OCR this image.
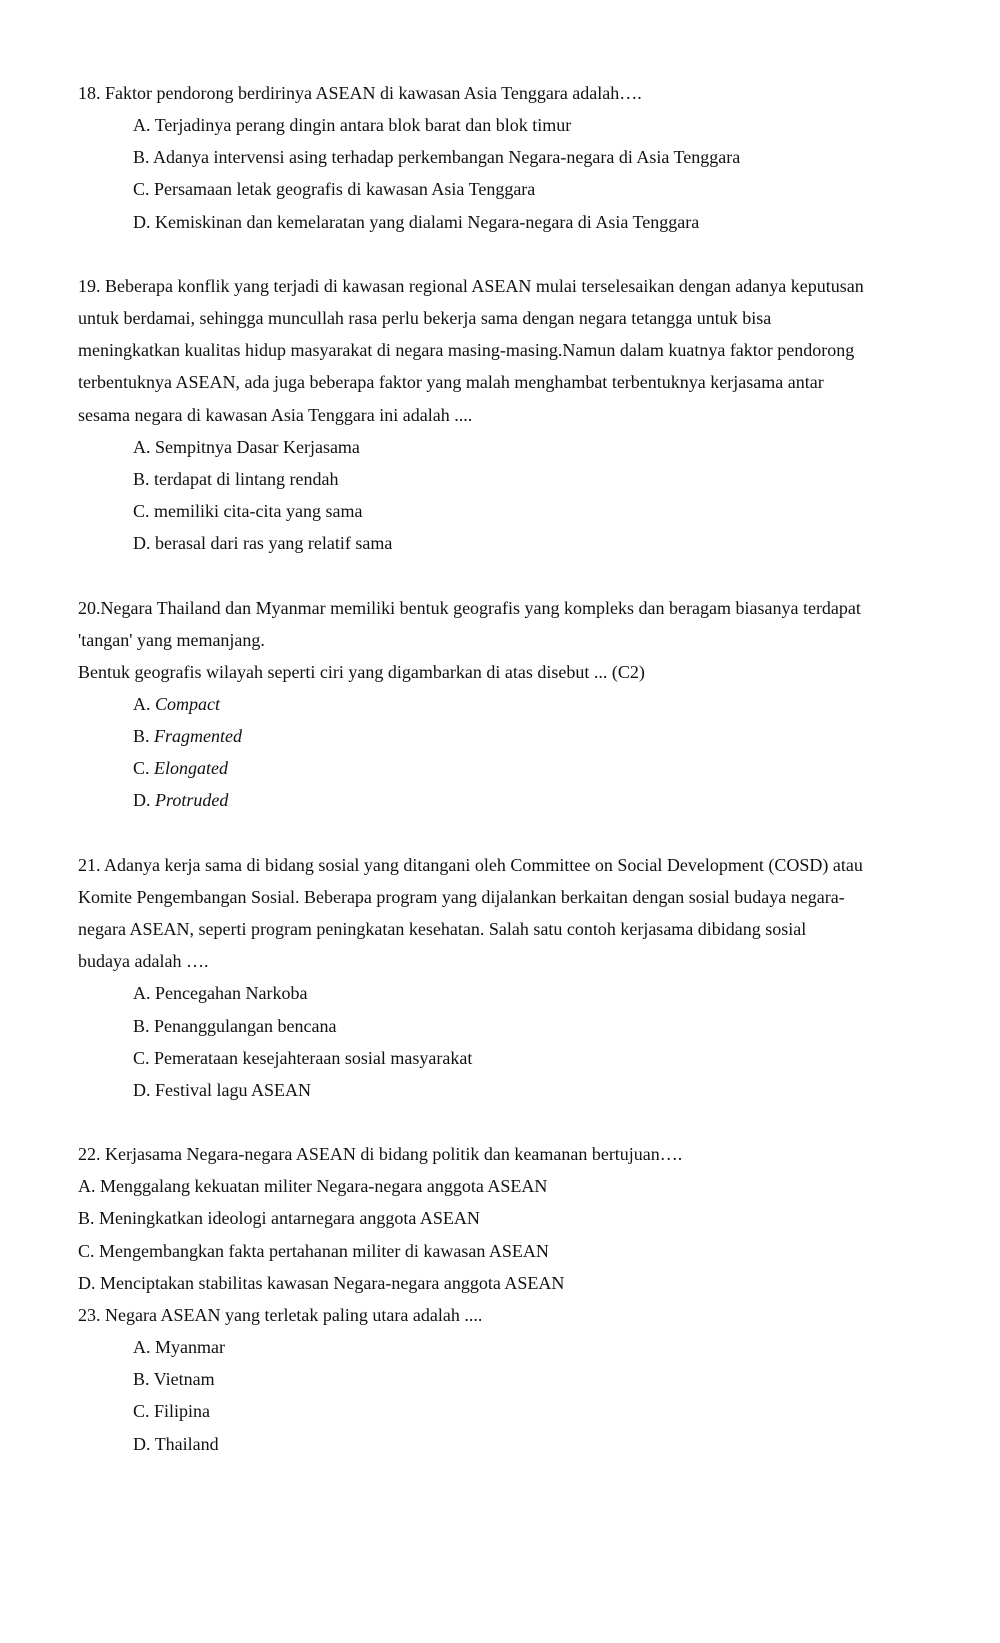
18. Faktor pendorong berdirinya ASEAN di kawasan Asia Tenggara adalah….
A. Terjadinya perang dingin antara blok barat dan blok timur
B. Adanya intervensi asing terhadap perkembangan Negara-negara di Asia Tenggara
C. Persamaan letak geografis di kawasan Asia Tenggara
D. Kemiskinan dan kemelaratan yang dialami Negara-negara di Asia Tenggara
19. Beberapa konflik yang terjadi di kawasan regional ASEAN mulai terselesaikan dengan adanya keputusan
untuk berdamai, sehingga muncullah rasa perlu bekerja sama dengan negara tetangga untuk bisa
meningkatkan kualitas hidup masyarakat di negara masing-masing.Namun dalam kuatnya faktor pendorong
terbentuknya ASEAN, ada juga beberapa faktor yang malah menghambat terbentuknya kerjasama antar
sesama negara di kawasan Asia Tenggara ini adalah ....
A. Sempitnya Dasar Kerjasama
B. terdapat di lintang rendah
C. memiliki cita-cita yang sama
D. berasal dari ras yang relatif sama
20.Negara Thailand dan Myanmar memiliki bentuk geografis yang kompleks dan beragam biasanya terdapat
'tangan' yang memanjang.
Bentuk geografis wilayah seperti ciri yang digambarkan di atas disebut ... (C2)
A. Compact
B. Fragmented
C. Elongated
D. Protruded
21. Adanya kerja sama di bidang sosial yang ditangani oleh Committee on Social Development (COSD) atau
Komite Pengembangan Sosial. Beberapa program yang dijalankan berkaitan dengan sosial budaya negara-
negara ASEAN, seperti program peningkatan kesehatan. Salah satu contoh kerjasama dibidang sosial
budaya adalah ….
A. Pencegahan Narkoba
B. Penanggulangan bencana
C. Pemerataan kesejahteraan sosial masyarakat
D. Festival lagu ASEAN
22. Kerjasama Negara-negara ASEAN di bidang politik dan keamanan bertujuan….
A. Menggalang kekuatan militer Negara-negara anggota ASEAN
B. Meningkatkan ideologi antarnegara anggota ASEAN
C. Mengembangkan fakta pertahanan militer di kawasan ASEAN
D. Menciptakan stabilitas kawasan Negara-negara anggota ASEAN
23. Negara ASEAN yang terletak paling utara adalah ....
A. Myanmar
B. Vietnam
C. Filipina
D. Thailand
